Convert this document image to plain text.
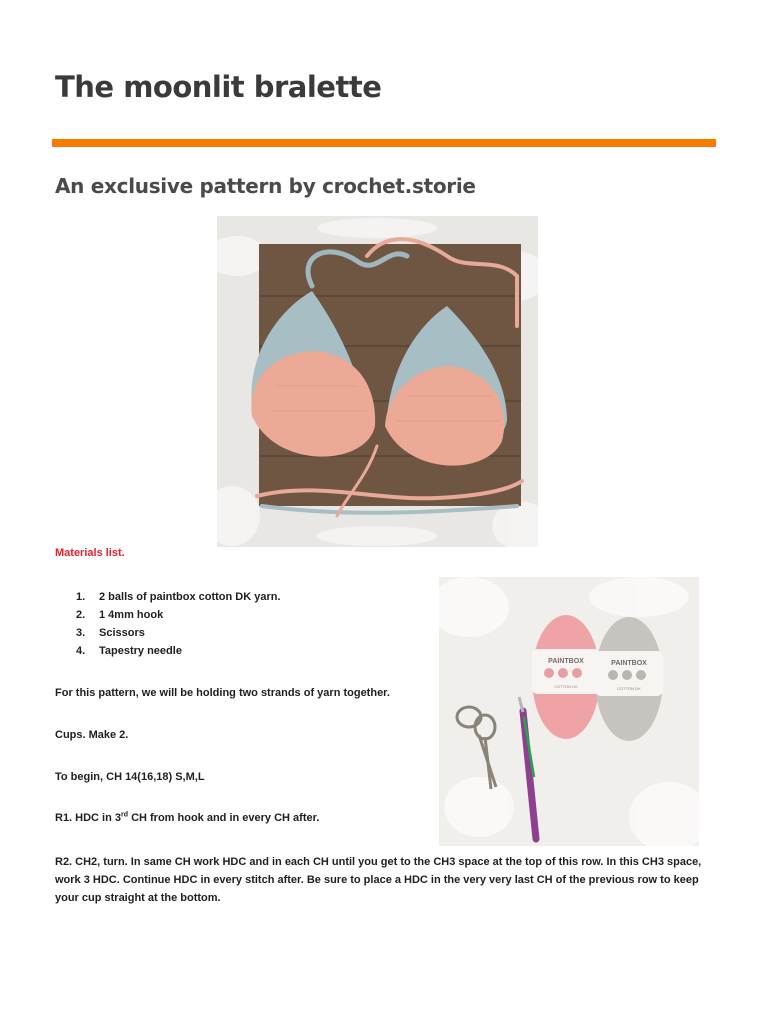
The moonlit bralette
An exclusive pattern by crochet.storie
Materials list.
1. 2 balls of paintbox cotton DK yarn.
2. 1 4mm hook
3. Scissors
4. Tapestry needle
PAINTBOX
COTTON DK
PAINTBOX
COTTON DK

For this pattern, we will be holding two strands of yarn together.

Cups. Make 2.

To begin, CH 14(16,18) S,M,L

R1. HDC in 3rd CH from hook and in every CH after.

R2. CH2, turn. In same CH work HDC and in each CH until you get to the CH3 space at the top of this row. In this CH3 space, work 3 HDC. Continue HDC in every stitch after. Be sure to place a HDC in the very very last CH of the previous row to keep your cup straight at the bottom.
